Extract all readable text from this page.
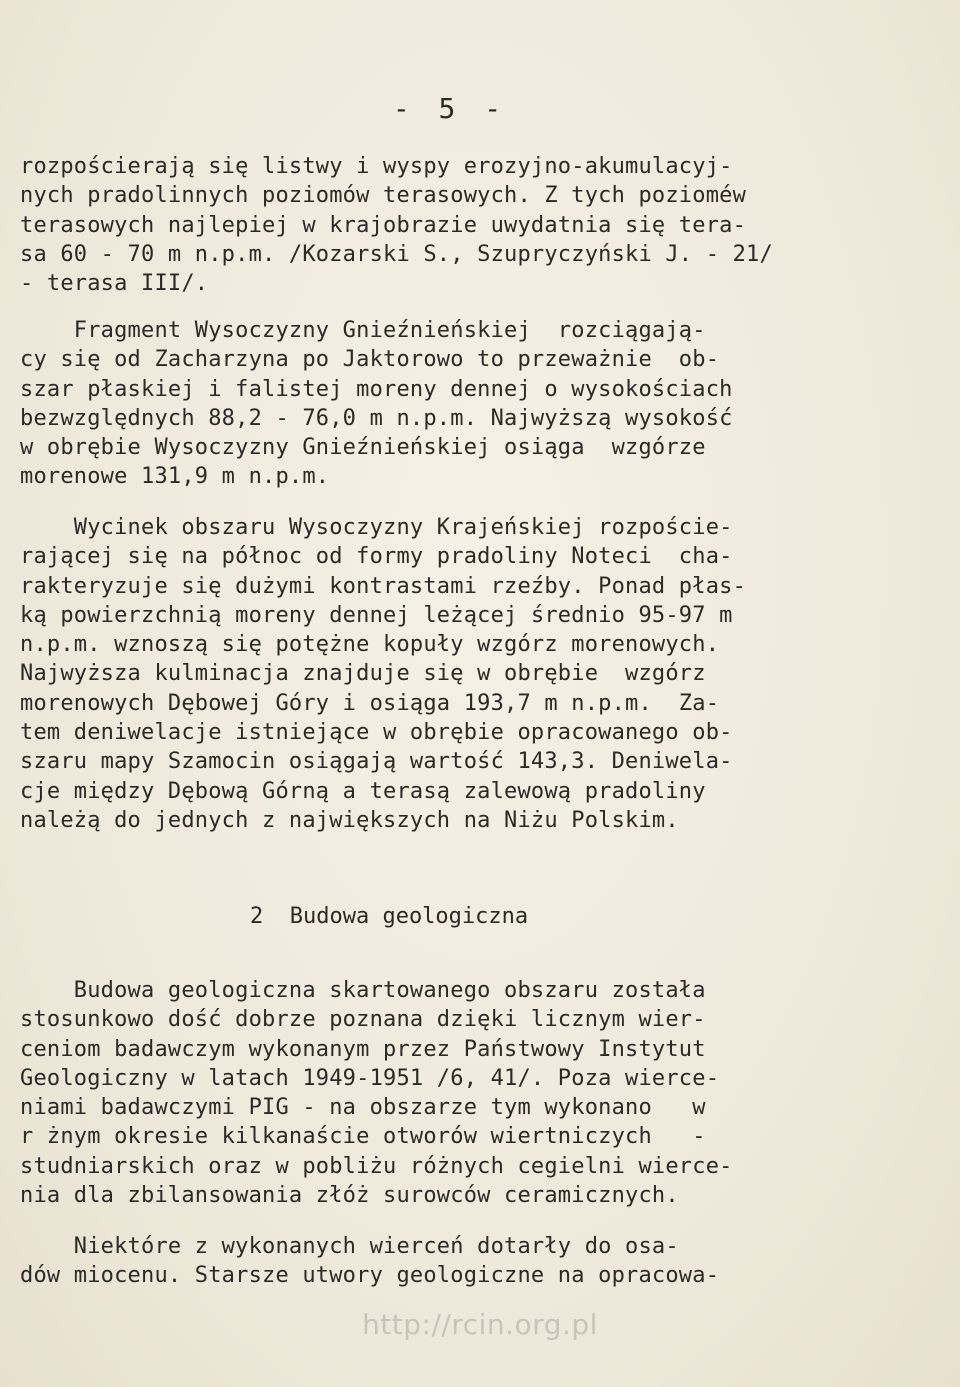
- 5 -
rozpościerają się listwy i wyspy erozyjno-akumulacyj-
nych pradolinnych poziomów terasowych. Z tych pozioméw
terasowych najlepiej w krajobrazie uwydatnia się tera-
sa 60 - 70 m n.p.m. /Kozarski S., Szupryczyński J. - 21/
- terasa III/.
Fragment Wysoczyzny Gnieźnieńskiej  rozciągają-
cy się od Zacharzyna po Jaktorowo to przeważnie  ob-
szar płaskiej i falistej moreny dennej o wysokościach
bezwzględnych 88,2 - 76,0 m n.p.m. Najwyższą wysokość
w obrębie Wysoczyzny Gnieźnieńskiej osiąga  wzgórze
morenowe 131,9 m n.p.m.
Wycinek obszaru Wysoczyzny Krajeńskiej rozpoście-
rającej się na północ od formy pradoliny Noteci  cha-
rakteryzuje się dużymi kontrastami rzeźby. Ponad płas-
ką powierzchnią moreny dennej leżącej średnio 95-97 m
n.p.m. wznoszą się potężne kopuły wzgórz morenowych.
Najwyższa kulminacja znajduje się w obrębie  wzgórz
morenowych Dębowej Góry i osiąga 193,7 m n.p.m.  Za-
tem deniwelacje istniejące w obrębie opracowanego ob-
szaru mapy Szamocin osiągają wartość 143,3. Deniwela-
cje między Dębową Górną a terasą zalewową pradoliny
należą do jednych z największych na Niżu Polskim.
Budowa geologiczna skartowanego obszaru została
stosunkowo dość dobrze poznana dzięki licznym wier-
ceniom badawczym wykonanym przez Państwowy Instytut
Geologiczny w latach 1949-1951 /6, 41/. Poza wierce-
niami badawczymi PIG - na obszarze tym wykonano   w
r żnym okresie kilkanaście otworów wiertniczych   -
studniarskich oraz w pobliżu różnych cegielni wierce-
nia dla zbilansowania złóż surowców ceramicznych.
Niektóre z wykonanych wierceń dotarły do osa-
dów miocenu. Starsze utwory geologiczne na opracowa-
2  Budowa geologiczna
http://rcin.org.pl
